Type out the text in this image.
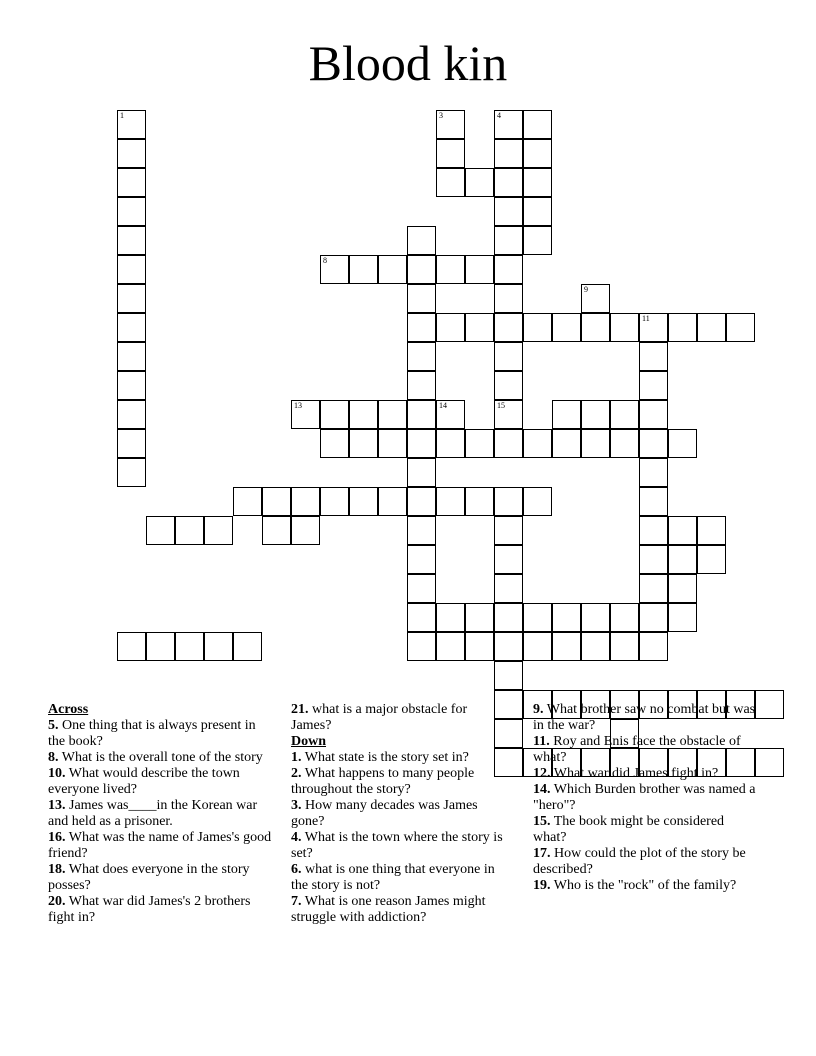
Blood kin
1	3	4
15
8
11
9
13	14
Across
5. One thing that is always present in the book?
8. What is the overall tone of the story
10. What would describe the town everyone lived?
13. James was____in the Korean war and held as a prisoner.
16. What was the name of James's good friend?
18. What does everyone in the story posses?
20. What war did James's 2 brothers fight in?
21. what is a major obstacle for James?
Down
1. What state is the story set in?
2. What happens to many people throughout the story?
3. How many decades was James gone?
4. What is the town where the story is set?
6. what is one thing that everyone in the story is not?
7. What is one reason James might struggle with addiction?
9. What brother saw no combat but was in the war?
11. Roy and Enis face the obstacle of what?
12. What war did James fight in?
14. Which Burden brother was named a "hero"?
15. The book might be considered what?
17. How could the plot of the story be described?
19. Who is the "rock" of the family?
